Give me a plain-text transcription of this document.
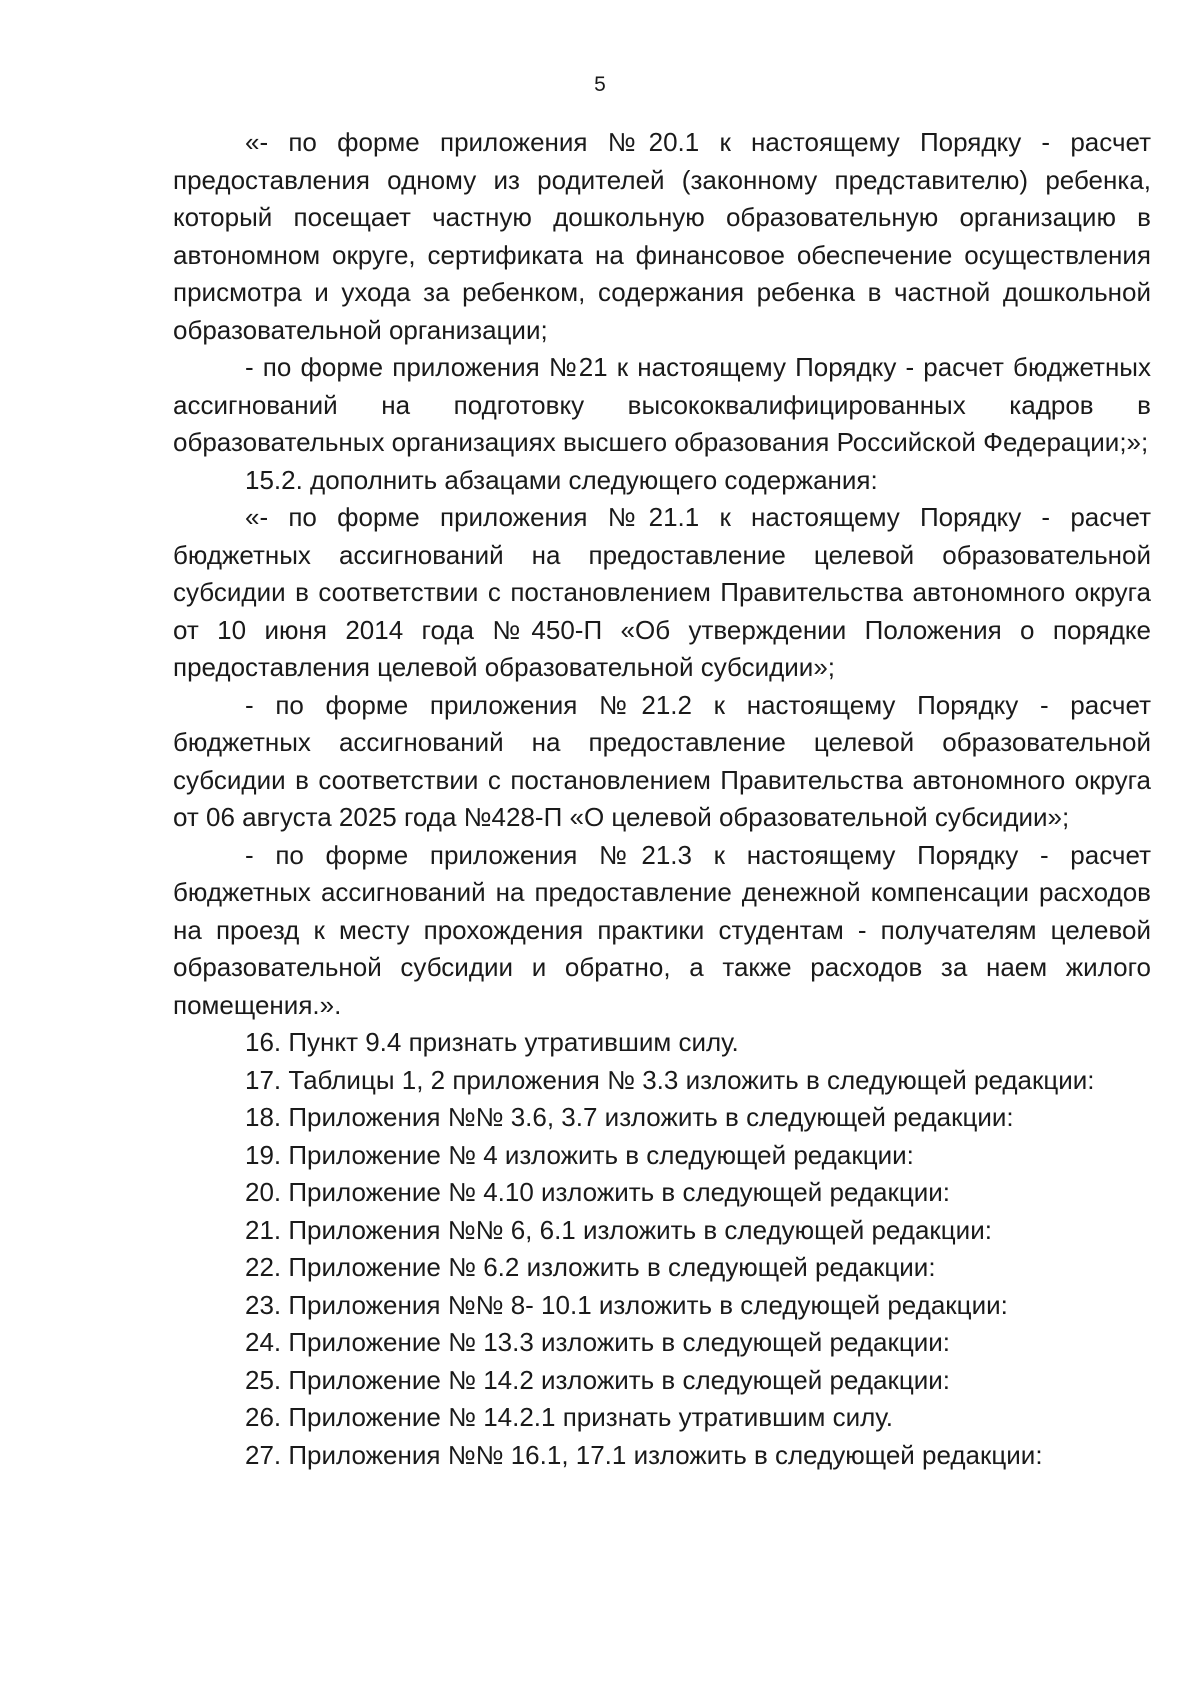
5

«- по форме приложения №20.1 к настоящему Порядку - расчет предоставления одному из родителей (законному представителю) ребенка, который посещает частную дошкольную образовательную организацию в автономном округе, сертификата на финансовое обеспечение осуществления присмотра и ухода за ребенком, содержания ребенка в частной дошкольной образовательной организации;

- по форме приложения №21 к настоящему Порядку - расчет бюджетных ассигнований на подготовку высококвалифицированных кадров в образовательных организациях высшего образования Российской Федерации;»;

15.2. дополнить абзацами следующего содержания:

«- по форме приложения №21.1 к настоящему Порядку - расчет бюджетных ассигнований на предоставление целевой образовательной субсидии в соответствии с постановлением Правительства автономного округа от 10 июня 2014 года №450-П «Об утверждении Положения о порядке предоставления целевой образовательной субсидии»;

- по форме приложения №21.2 к настоящему Порядку - расчет бюджетных ассигнований на предоставление целевой образовательной субсидии в соответствии с постановлением Правительства автономного округа от 06 августа 2025 года №428-П «О целевой образовательной субсидии»;

- по форме приложения №21.3 к настоящему Порядку - расчет бюджетных ассигнований на предоставление денежной компенсации расходов на проезд к месту прохождения практики студентам - получателям целевой образовательной субсидии и обратно, а также расходов за наем жилого помещения.».

16. Пункт 9.4 признать утратившим силу.

17. Таблицы 1, 2 приложения № 3.3 изложить в следующей редакции:

18. Приложения №№ 3.6, 3.7 изложить в следующей редакции:

19. Приложение № 4 изложить в следующей редакции:

20. Приложение № 4.10 изложить в следующей редакции:

21. Приложения №№ 6, 6.1 изложить в следующей редакции:

22. Приложение № 6.2 изложить в следующей редакции:

23. Приложения №№ 8- 10.1 изложить в следующей редакции:

24. Приложение № 13.3 изложить в следующей редакции:

25. Приложение № 14.2 изложить в следующей редакции:

26. Приложение № 14.2.1 признать утратившим силу.

27. Приложения №№ 16.1, 17.1 изложить в следующей редакции:
